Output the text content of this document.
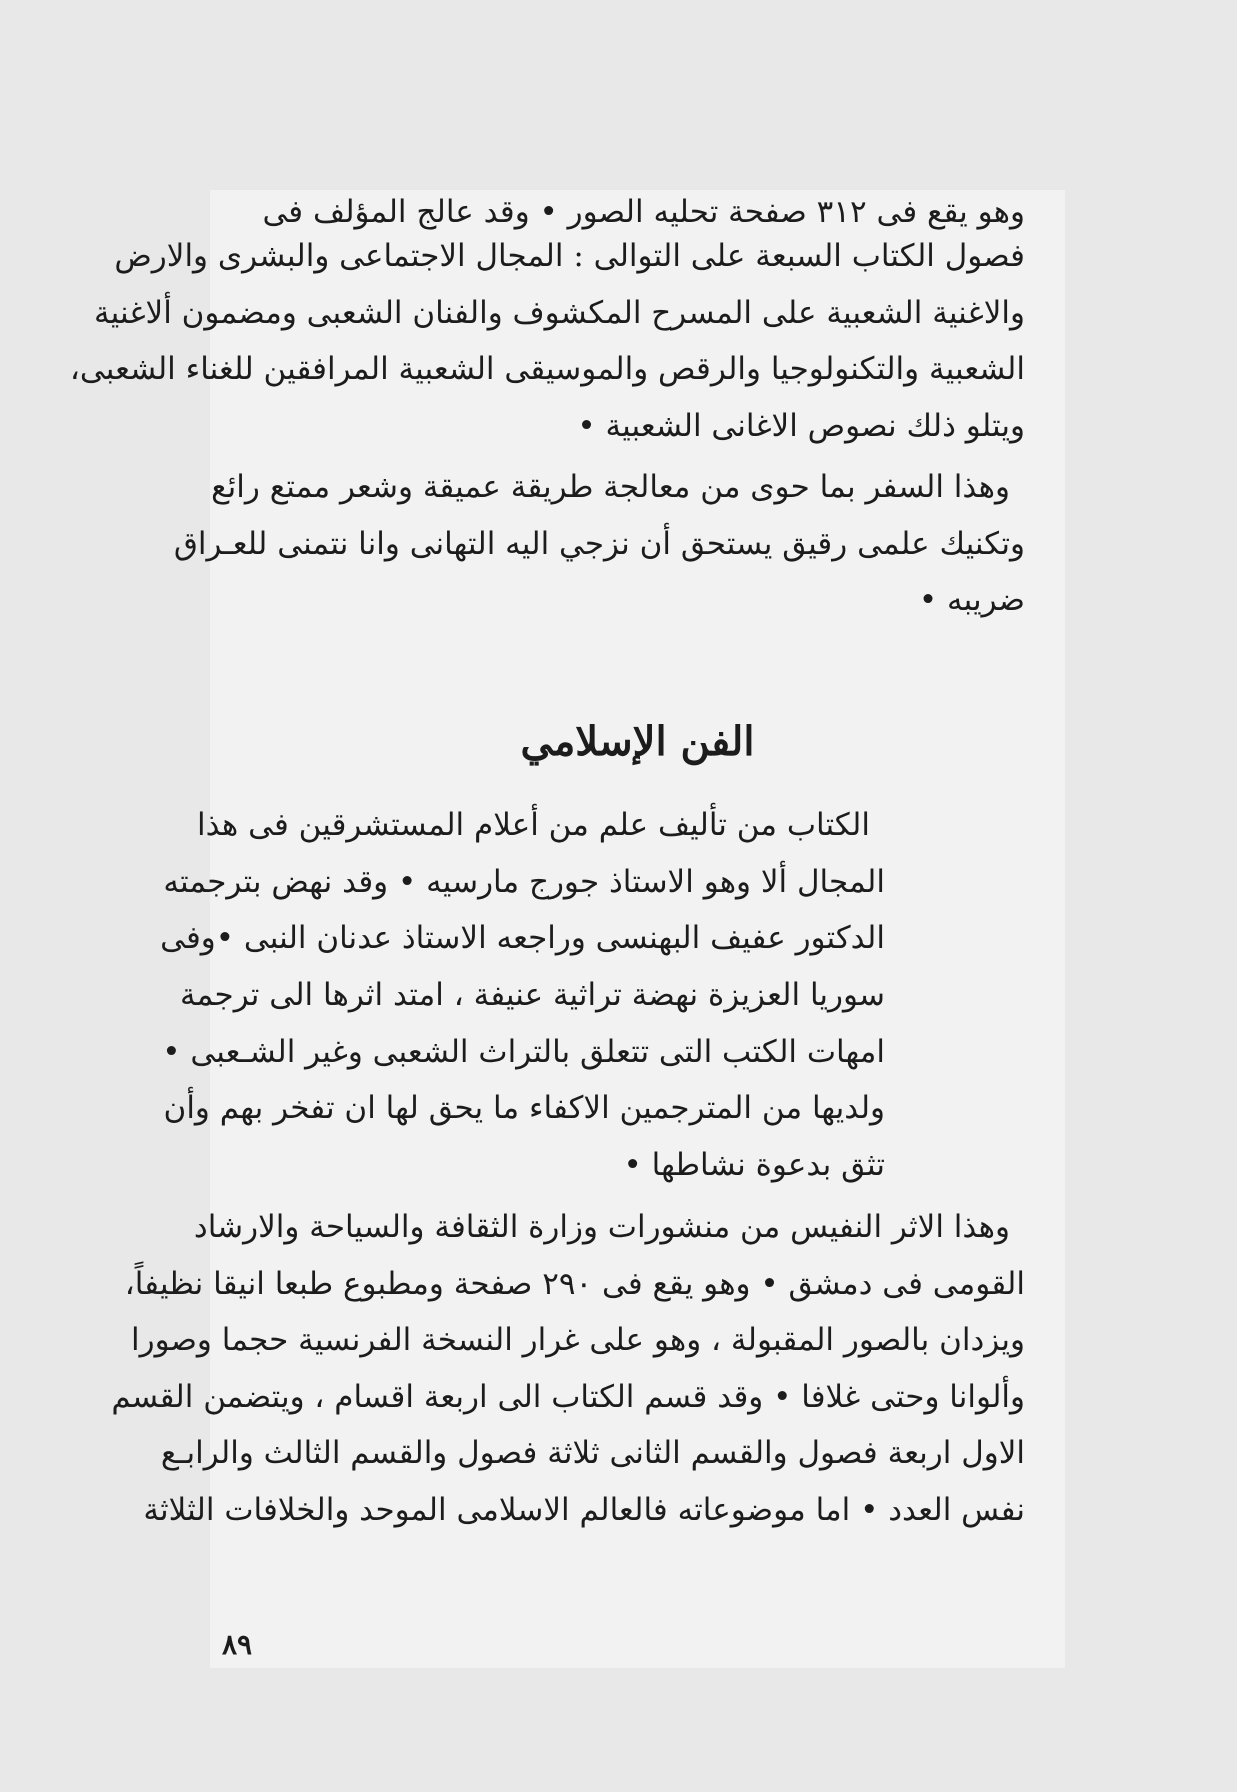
وهو يقع فى ٣١٢ صفحة تحليه الصور • وقد عالج المؤلف فى
فصول الكتاب السبعة على التوالى : المجال الاجتماعى والبشرى والارض
والاغنية الشعبية على المسرح المكشوف والفنان الشعبى ومضمون ألاغنية
الشعبية والتكنولوجيا والرقص والموسيقى الشعبية المرافقين للغناء الشعبى،
ويتلو ذلك نصوص الاغانى الشعبية •
وهذا السفر بما حوى من معالجة طريقة عميقة وشعر ممتع رائع
وتكنيك علمى رقيق يستحق أن نزجي اليه التهانى وانا نتمنى للعـراق
ضريبه •
الفن الإسلامي
الكتاب من تأليف علم من أعلام المستشرقين فى هذا
المجال ألا وهو الاستاذ جورج مارسيه • وقد نهض بترجمته
الدكتور عفيف البهنسى وراجعه الاستاذ عدنان النبى •وفى
سوريا العزيزة نهضة تراثية عنيفة ، امتد اثرها الى ترجمة
امهات الكتب التى تتعلق بالتراث الشعبى وغير الشـعبى •
ولديها من المترجمين الاكفاء ما يحق لها ان تفخر بهم وأن
تثق بدعوة نشاطها •
وهذا الاثر النفيس من منشورات وزارة الثقافة والسياحة والارشاد
القومى فى دمشق • وهو يقع فى ٢٩٠ صفحة ومطبوع طبعا انيقا نظيفاً،
ويزدان بالصور المقبولة ، وهو على غرار النسخة الفرنسية حجما وصورا
وألوانا وحتى غلافا • وقد قسم الكتاب الى اربعة اقسام ، ويتضمن القسم
الاول اربعة فصول والقسم الثانى ثلاثة فصول والقسم الثالث والرابـع
نفس العدد • اما موضوعاته فالعالم الاسلامى الموحد والخلافات الثلاثة
٨٩
